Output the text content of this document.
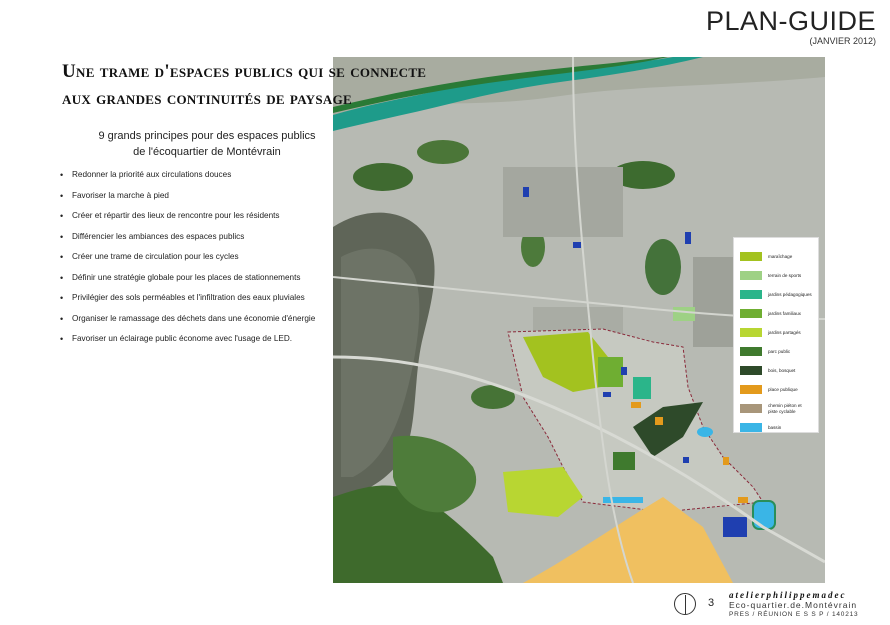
PLAN-GUIDE
(JANVIER 2012)
Une trame d'espaces publics qui se connecte
aux grandes continuités de paysage
9 grands principes pour des espaces publics
de l'écoquartier de Montévrain
• Redonner la priorité aux circulations douces
• Favoriser la marche à pied
• Créer et répartir des lieux de rencontre pour les résidents
• Différencier les ambiances des espaces publics
• Créer une trame de circulation pour les cycles
• Définir une stratégie globale pour les places de stationnements
• Privilégier des sols perméables et l'infiltration des eaux pluviales
• Organiser le ramassage des déchets dans une économie d'énergie
• Favoriser un éclairage public économe avec l'usage de LED.
maraîchage
terrain de sports
jardins pédagogiques
jardins familiaux
jardins partagés
parc public
bois, bosquet
place publique
chemin piéton et piste cyclable
bassin
3
atelierphilippemadec
Eco-quartier.de.Montévrain
PRES / RÉUNION E S S P / 140213
